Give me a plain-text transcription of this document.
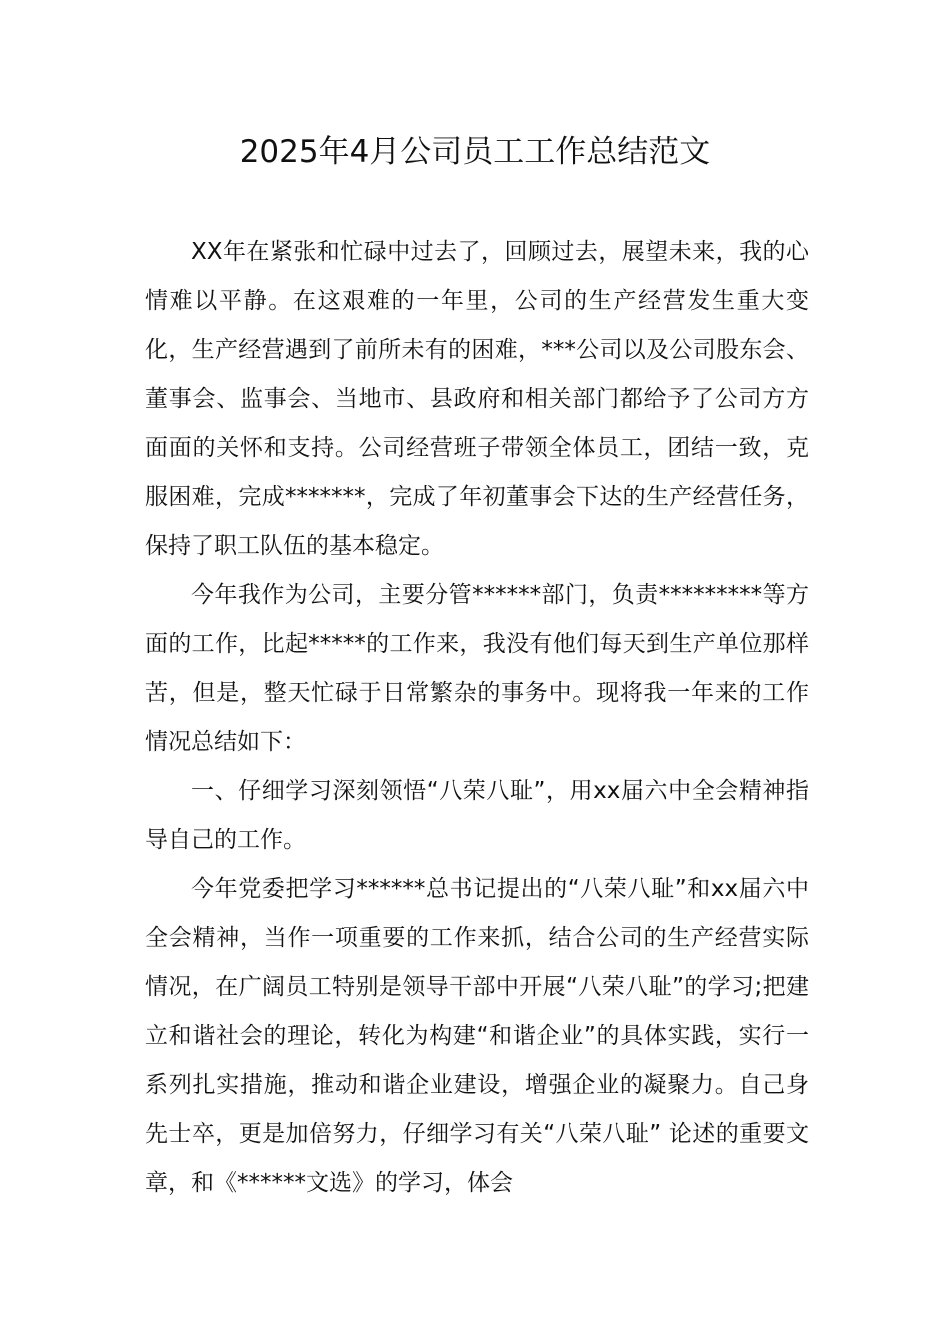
2025年4月公司员工工作总结范文

XX年在紧张和忙碌中过去了，回顾过去，展望未来，我的心情难以平静。在这艰难的一年里，公司的生产经营发生重大变化，生产经营遇到了前所未有的困难，***公司以及公司股东会、董事会、监事会、当地市、县政府和相关部门都给予了公司方方面面的关怀和支持。公司经营班子带领全体员工，团结一致，克服困难，完成*******，完成了年初董事会下达的生产经营任务，保持了职工队伍的基本稳定。

今年我作为公司，主要分管******部门，负责*********等方面的工作，比起*****的工作来，我没有他们每天到生产单位那样苦，但是，整天忙碌于日常繁杂的事务中。现将我一年来的工作情况总结如下：

一、仔细学习深刻领悟“八荣八耻”，用xx届六中全会精神指导自己的工作。

今年党委把学习******总书记提出的“八荣八耻”和xx届六中全会精神，当作一项重要的工作来抓，结合公司的生产经营实际情况，在广阔员工特别是领导干部中开展“八荣八耻”的学习;把建立和谐社会的理论，转化为构建“和谐企业”的具体实践，实行一系列扎实措施，推动和谐企业建设，增强企业的凝聚力。自己身先士卒，更是加倍努力，仔细学习有关“八荣八耻” 论述的重要文章，和《******文选》的学习，体会
